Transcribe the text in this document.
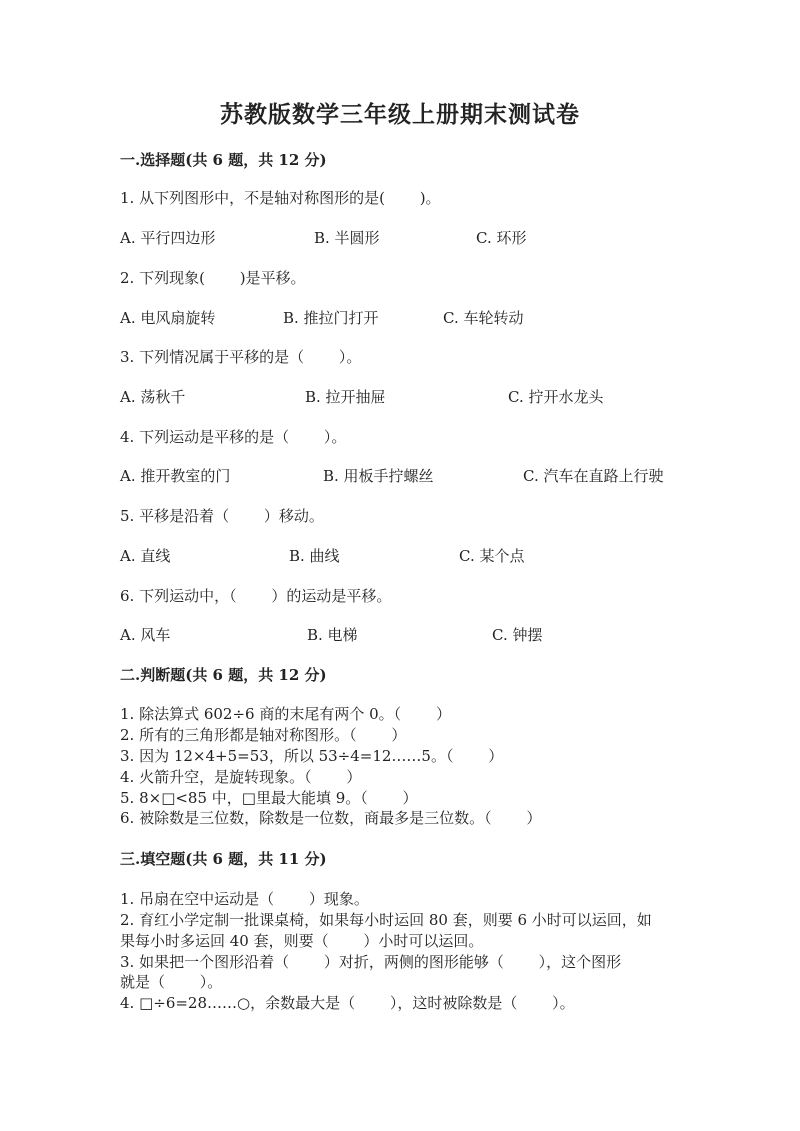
苏教版数学三年级上册期末测试卷
一.选择题(共 6 题，共 12 分)
1. 从下列图形中，不是轴对称图形的是(　　 )。
A. 平行四边形	B. 半圆形	C. 环形
2. 下列现象(　　 )是平移。
A. 电风扇旋转	B. 推拉门打开	C. 车轮转动
3. 下列情况属于平移的是（　　 ）。
A. 荡秋千	B. 拉开抽屉	C. 拧开水龙头
4. 下列运动是平移的是（　　 ）。
A. 推开教室的门	B. 用板手拧螺丝	C. 汽车在直路上行驶
5. 平移是沿着（　　 ）移动。
A. 直线	B. 曲线	C. 某个点
6. 下列运动中，（　　 ）的运动是平移。
A. 风车	B. 电梯	C. 钟摆
二.判断题(共 6 题，共 12 分)
1. 除法算式 602÷6 商的末尾有两个 0。（　　 ）
2. 所有的三角形都是轴对称图形。（　　 ）
3. 因为 12×4+5=53，所以 53÷4=12……5。（　　 ）
4. 火箭升空，是旋转现象。（　　 ）
5. 8×□<85 中，□里最大能填 9。（　　 ）
6. 被除数是三位数，除数是一位数，商最多是三位数。（　　 ）
三.填空题(共 6 题，共 11 分)
1. 吊扇在空中运动是（　　 ）现象。
2. 育红小学定制一批课桌椅，如果每小时运回 80 套，则要 6 小时可以运回，如
果每小时多运回 40 套，则要（　　 ）小时可以运回。
3. 如果把一个图形沿着（　　 ）对折，两侧的图形能够（　　 ），这个图形
就是（　　 ）。
4. □÷6=28……○，余数最大是（　　 ），这时被除数是（　　 ）。
